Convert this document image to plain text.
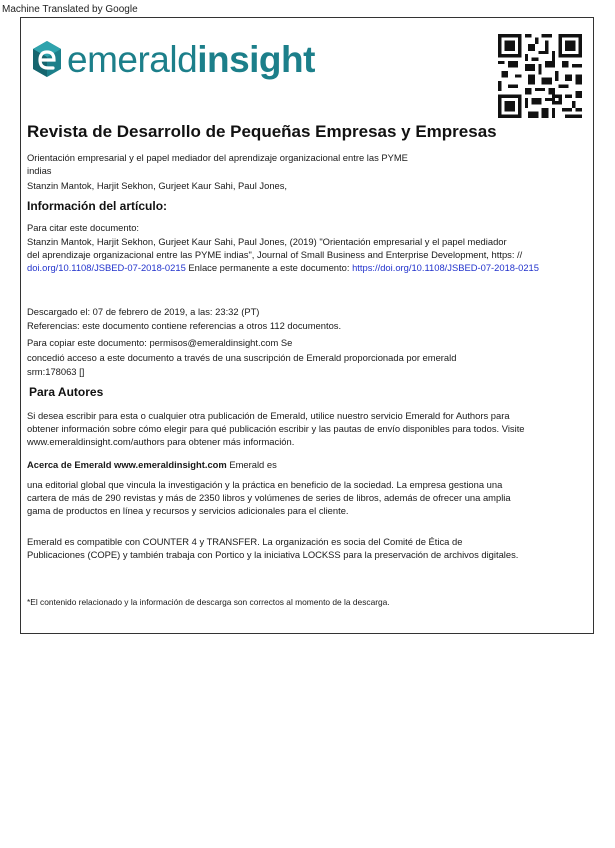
Machine Translated by Google
emeraldinsight
Revista de Desarrollo de Pequeñas Empresas y Empresas
Orientación empresarial y el papel mediador del aprendizaje organizacional entre las PYME
indias
Stanzin Mantok, Harjit Sekhon, Gurjeet Kaur Sahi, Paul Jones,
Información del artículo:
Para citar este documento:
Stanzin Mantok, Harjit Sekhon, Gurjeet Kaur Sahi, Paul Jones, (2019) "Orientación empresarial y el papel mediador
del aprendizaje organizacional entre las PYME indias", Journal of Small Business and Enterprise Development, https: //
doi.org/10.1108/JSBED-07-2018-0215 Enlace permanente a este documento: https://doi.org/10.1108/JSBED-07-2018-0215
Descargado el: 07 de febrero de 2019, a las: 23:32 (PT)
Referencias: este documento contiene referencias a otros 112 documentos.
Para copiar este documento: permisos@emeraldinsight.com Se
concedió acceso a este documento a través de una suscripción de Emerald proporcionada por emerald
srm:178063 []
Para Autores
Si desea escribir para esta o cualquier otra publicación de Emerald, utilice nuestro servicio Emerald for Authors para
obtener información sobre cómo elegir para qué publicación escribir y las pautas de envío disponibles para todos. Visite
www.emeraldinsight.com/authors para obtener más información.
Acerca de Emerald www.emeraldinsight.com Emerald es
una editorial global que vincula la investigación y la práctica en beneficio de la sociedad. La empresa gestiona una
cartera de más de 290 revistas y más de 2350 libros y volúmenes de series de libros, además de ofrecer una amplia
gama de productos en línea y recursos y servicios adicionales para el cliente.
Emerald es compatible con COUNTER 4 y TRANSFER. La organización es socia del Comité de Ética de
Publicaciones (COPE) y también trabaja con Portico y la iniciativa LOCKSS para la preservación de archivos digitales.
*El contenido relacionado y la información de descarga son correctos al momento de la descarga.
